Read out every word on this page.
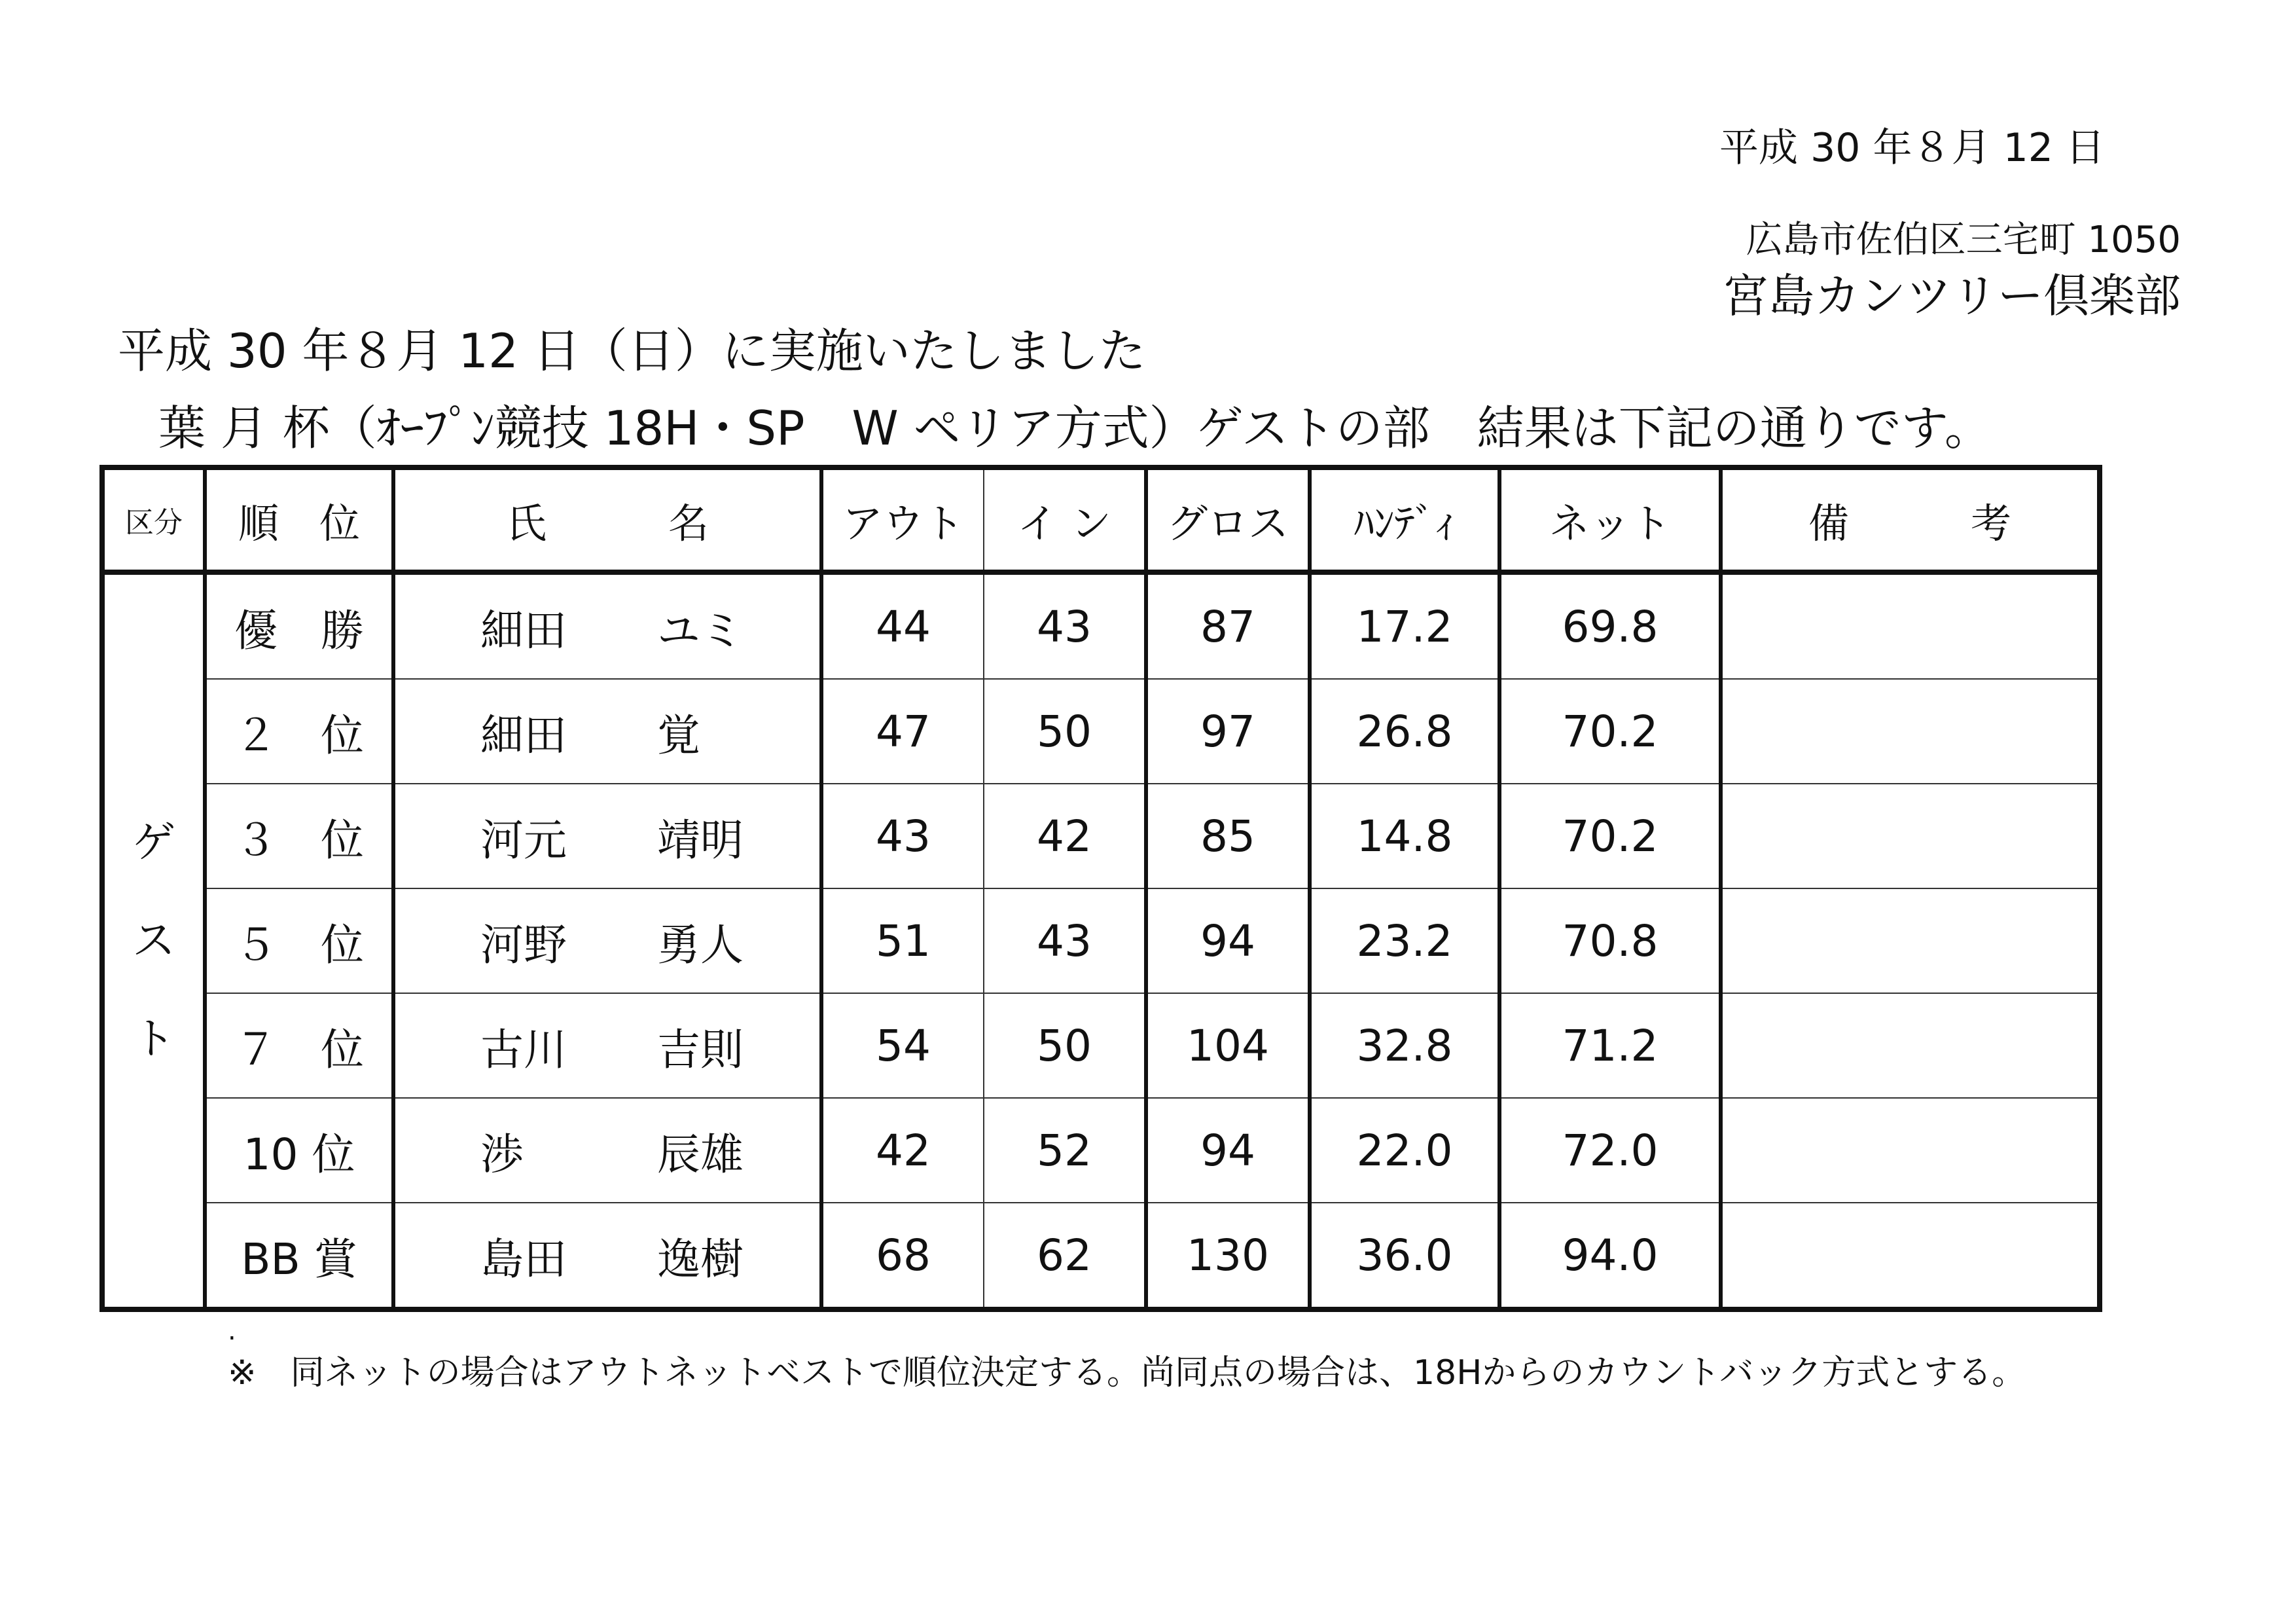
平成 30 年８月 12 日
広島市佐伯区三宅町 1050
宮島カンツリー倶楽部
平成 30 年８月 12 日（日）に実施いたしました
葉 月 杯（ｵｰﾌﾟﾝ競技 18H・SP　W ペリア方式）ゲストの部　結果は下記の通りです。
区分	順　位	氏　　　名	アウト	イ ン	グロス	ﾊﾝﾃﾞｨ	ネット	備　　　考

ゲ
ス
ト	優　勝	細田 ユミ	44	43	87	17.2	69.8	
	２　位	細田 覚	47	50	97	26.8	70.2	
	３　位	河元 靖明	43	42	85	14.8	70.2	
	５　位	河野 勇人	51	43	94	23.2	70.8	
	７　位	古川 吉則	54	50	104	32.8	71.2	
	10 位	渉 辰雄	42	52	94	22.0	72.0	
	BB 賞	島田 逸樹	68	62	130	36.0	94.0	
.
※　同ネットの場合はアウトネットベストで順位決定する。尚同点の場合は、18Hからのカウントバック方式とする。
